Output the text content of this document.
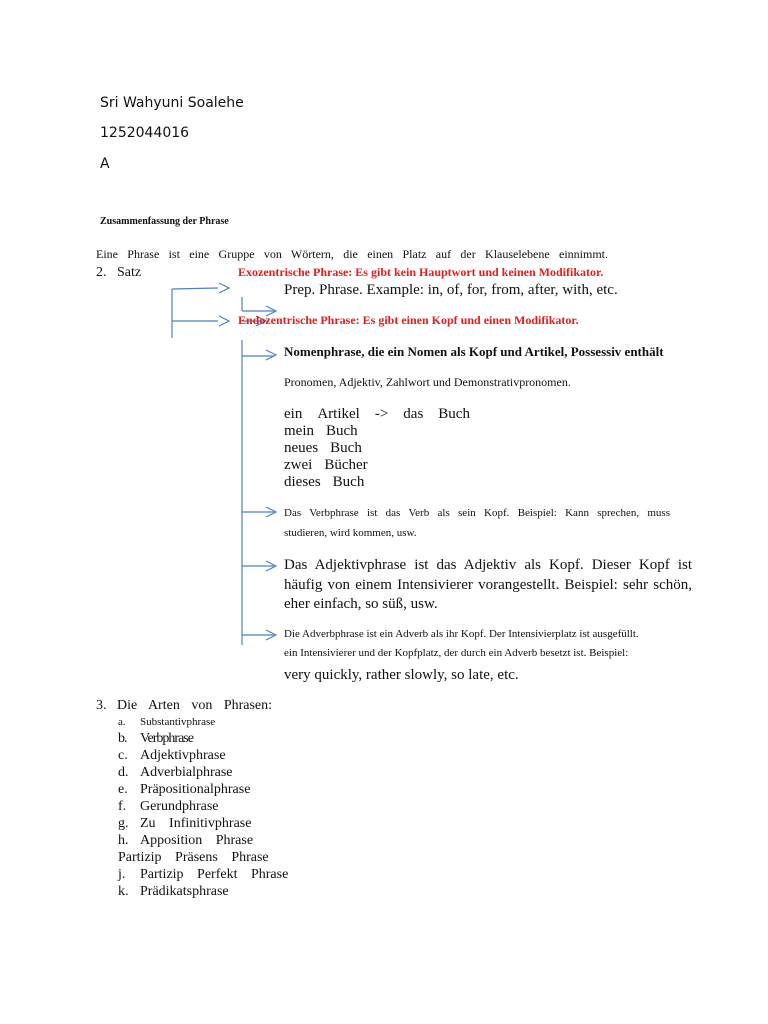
Sri Wahyuni Soalehe
1252044016
A
Zusammenfassung der Phrase
Eine Phrase ist eine Gruppe von Wörtern, die einen Platz auf der Klauselebene einnimmt.
2. Satz	Exozentrische Phrase: Es gibt kein Hauptwort und keinen Modifikator.
Prep. Phrase. Example: in, of, for, from, after, with, etc.
Endozentrische Phrase: Es gibt einen Kopf und einen Modifikator.
Nomenphrase, die ein Nomen als Kopf und Artikel, Possessiv enthält
Pronomen, Adjektiv, Zahlwort und Demonstrativpronomen.
ein Artikel -> das Buch
mein Buch
neues Buch
zwei Bücher
dieses Buch
Das Verbphrase ist das Verb als sein Kopf. Beispiel: Kann sprechen, muss
studieren, wird kommen, usw.
Das Adjektivphrase ist das Adjektiv als Kopf. Dieser Kopf ist
häufig von einem Intensivierer vorangestellt. Beispiel: sehr schön,
eher einfach, so süß, usw.
Die Adverbphrase ist ein Adverb als ihr Kopf. Der Intensivierplatz ist ausgefüllt.
ein Intensivierer und der Kopfplatz, der durch ein Adverb besetzt ist. Beispiel:
very quickly, rather slowly, so late, etc.
3. Die Arten von Phrasen:
a. Substantivphrase
b. Verbphrase
c. Adjektivphrase
d. Adverbialphrase
e. Präpositionalphrase
f. Gerundphrase
g. Zu Infinitivphrase
h. Apposition Phrase
Partizip Präsens Phrase
j. Partizip Perfekt Phrase
k. Prädikatsphrase
